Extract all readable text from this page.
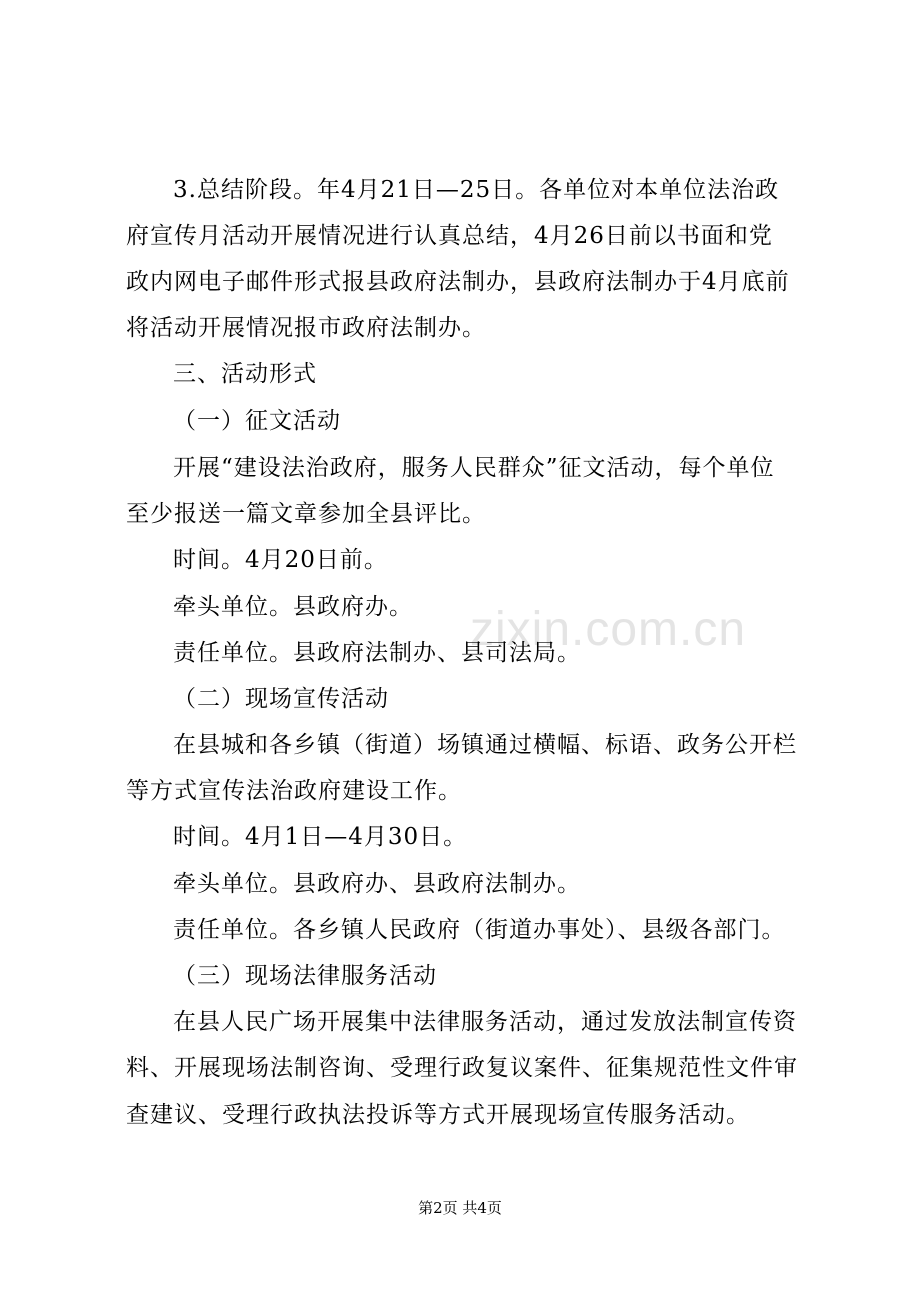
zixin.com.cn
3.总结阶段。年4月21日—25日。各单位对本单位法治政
府宣传月活动开展情况进行认真总结，4月26日前以书面和党
政内网电子邮件形式报县政府法制办，县政府法制办于4月底前
将活动开展情况报市政府法制办。
三、活动形式
（一）征文活动
开展“建设法治政府，服务人民群众”征文活动，每个单位
至少报送一篇文章参加全县评比。
时间。4月20日前。
牵头单位。县政府办。
责任单位。县政府法制办、县司法局。
（二）现场宣传活动
在县城和各乡镇（街道）场镇通过横幅、标语、政务公开栏
等方式宣传法治政府建设工作。
时间。4月1日—4月30日。
牵头单位。县政府办、县政府法制办。
责任单位。各乡镇人民政府（街道办事处）、县级各部门。
（三）现场法律服务活动
在县人民广场开展集中法律服务活动，通过发放法制宣传资
料、开展现场法制咨询、受理行政复议案件、征集规范性文件审
查建议、受理行政执法投诉等方式开展现场宣传服务活动。
第2页 共4页
